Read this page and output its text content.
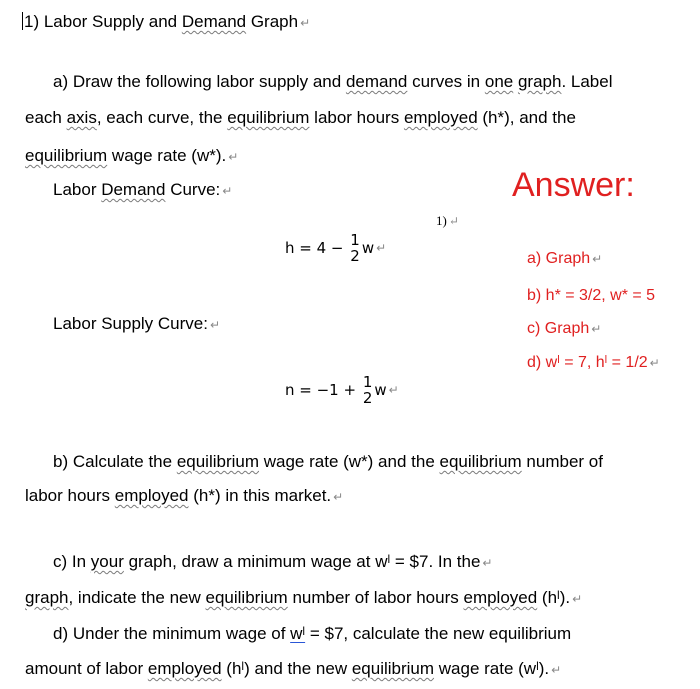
1) Labor Supply and Demand Graph ↵
a) Draw the following labor supply and demand curves in one graph. Label
each axis, each curve, the equilibrium labor hours employed (h*), and the
equilibrium wage rate (w*). ↵
Labor Demand Curve: ↵	Answer:
1) ↵
h = 4 − 1
2 w ↵
a) Graph ↵
b) h* = 3/2, w* = 5
c) Graph ↵
d) wˡ = 7, hˡ = 1/2 ↵
Labor Supply Curve: ↵
n = −1 + 1
2 w ↵
b) Calculate the equilibrium wage rate (w*) and the equilibrium number of
labor hours employed (h*) in this market. ↵
c) In your graph, draw a minimum wage at wˡ = $7. In the ↵
graph, indicate the new equilibrium number of labor hours employed (hˡ). ↵
d) Under the minimum wage of wˡ = $7, calculate the new equilibrium
amount of labor employed (hˡ) and the new equilibrium wage rate (wˡ). ↵
